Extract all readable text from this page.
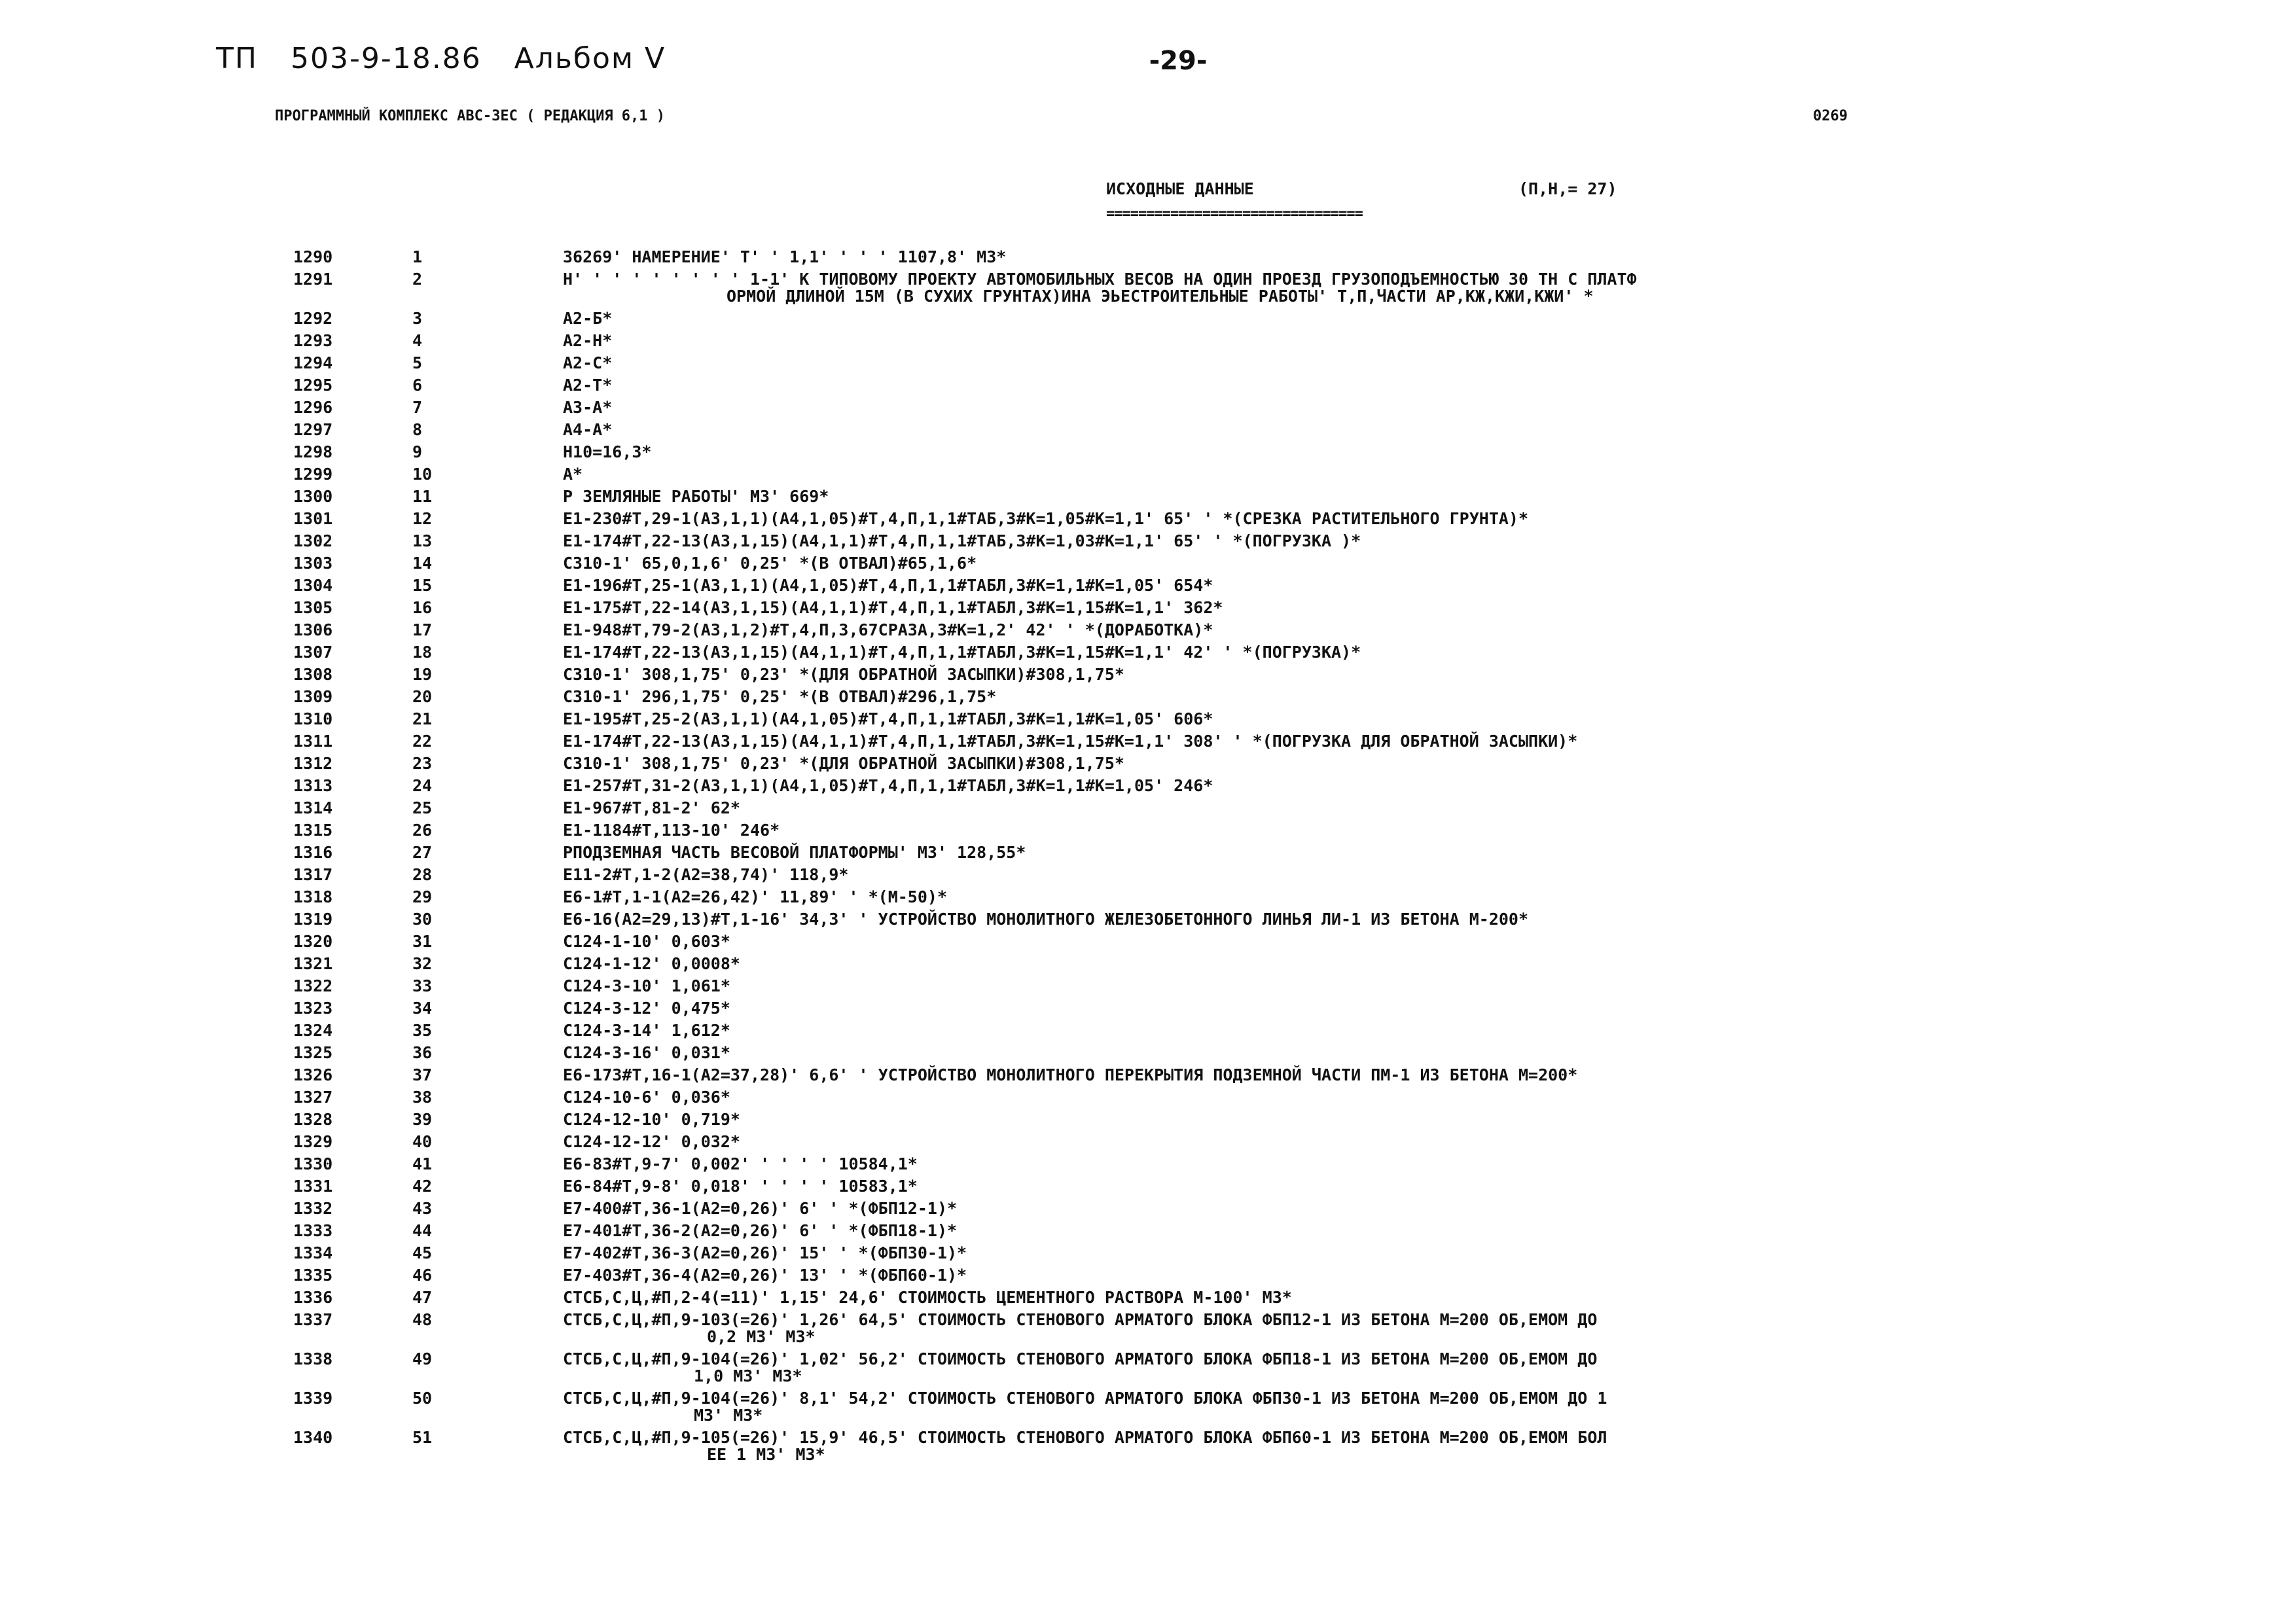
ТП 503-9-18.86 Альбом V	-29-
ПРОГРАММНЫЙ КОМПЛЕКС АВС-ЗЕС ( РЕДАКЦИЯ 6,1 )	0269
ИСХОДНЫЕ ДАННЫЕ
================================
(П,Н,= 27)
1290	1	36269' НАМЕРЕНИЕ' Т' ' 1,1' ' ' ' 1107,8' МЗ*
1291	2	Н' ' ' ' ' ' ' ' ' 1-1' К ТИПОВОМУ ПРОЕКТУ АВТОМОБИЛЬНЫХ ВЕСОВ НА ОДИН ПРОЕЗД ГРУЗОПОДЪЕМНОСТЬЮ 30 ТН С ПЛАТФ
ОРМОЙ ДЛИНОЙ 15М (В СУХИХ ГРУНТАХ)ИНА ЭЬЕСТРОИТЕЛЬНЫЕ РАБОТЫ' Т,П,ЧАСТИ АР,КЖ,КЖИ,КЖИ' *
1292	3	А2-Б*
1293	4	А2-Н*
1294	5	А2-С*
1295	6	А2-Т*
1296	7	А3-А*
1297	8	А4-А*
1298	9	Н10=16,3*
1299	10	А*
1300	11	Р ЗЕМЛЯНЫЕ РАБОТЫ' МЗ' 669*
1301	12	Е1-230#Т,29-1(А3,1,1)(А4,1,05)#Т,4,П,1,1#ТАБ,3#К=1,05#К=1,1' 65' ' *(СРЕЗКА РАСТИТЕЛЬНОГО ГРУНТА)*
1302	13	Е1-174#Т,22-13(А3,1,15)(А4,1,1)#Т,4,П,1,1#ТАБ,3#К=1,03#К=1,1' 65' ' *(ПОГРУЗКА )*
1303	14	С310-1' 65,0,1,6' 0,25' *(В ОТВАЛ)#65,1,6*
1304	15	Е1-196#Т,25-1(А3,1,1)(А4,1,05)#Т,4,П,1,1#ТАБЛ,3#К=1,1#К=1,05' 654*
1305	16	Е1-175#Т,22-14(А3,1,15)(А4,1,1)#Т,4,П,1,1#ТАБЛ,3#К=1,15#К=1,1' 362*
1306	17	Е1-948#Т,79-2(А3,1,2)#Т,4,П,3,67СРАЗА,3#К=1,2' 42' ' *(ДОРАБОТКА)*
1307	18	Е1-174#Т,22-13(А3,1,15)(А4,1,1)#Т,4,П,1,1#ТАБЛ,3#К=1,15#К=1,1' 42' ' *(ПОГРУЗКА)*
1308	19	С310-1' 308,1,75' 0,23' *(ДЛЯ ОБРАТНОЙ ЗАСЫПКИ)#308,1,75*
1309	20	С310-1' 296,1,75' 0,25' *(В ОТВАЛ)#296,1,75*
1310	21	Е1-195#Т,25-2(А3,1,1)(А4,1,05)#Т,4,П,1,1#ТАБЛ,3#К=1,1#К=1,05' 606*
1311	22	Е1-174#Т,22-13(А3,1,15)(А4,1,1)#Т,4,П,1,1#ТАБЛ,3#К=1,15#К=1,1' 308' ' *(ПОГРУЗКА ДЛЯ ОБРАТНОЙ ЗАСЫПКИ)*
1312	23	С310-1' 308,1,75' 0,23' *(ДЛЯ ОБРАТНОЙ ЗАСЫПКИ)#308,1,75*
1313	24	Е1-257#Т,31-2(А3,1,1)(А4,1,05)#Т,4,П,1,1#ТАБЛ,3#К=1,1#К=1,05' 246*
1314	25	Е1-967#Т,81-2' 62*
1315	26	Е1-1184#Т,113-10' 246*
1316	27	РПОДЗЕМНАЯ ЧАСТЬ ВЕСОВОЙ ПЛАТФОРМЫ' МЗ' 128,55*
1317	28	Е11-2#Т,1-2(А2=38,74)' 118,9*
1318	29	Е6-1#Т,1-1(А2=26,42)' 11,89' ' *(М-50)*
1319	30	Е6-16(А2=29,13)#Т,1-16' 34,3' ' УСТРОЙСТВО МОНОЛИТНОГО ЖЕЛЕЗОБЕТОННОГО ЛИНЬЯ ЛИ-1 ИЗ БЕТОНА М-200*
1320	31	С124-1-10' 0,603*
1321	32	С124-1-12' 0,0008*
1322	33	С124-3-10' 1,061*
1323	34	С124-3-12' 0,475*
1324	35	С124-3-14' 1,612*
1325	36	С124-3-16' 0,031*
1326	37	Е6-173#Т,16-1(А2=37,28)' 6,6' ' УСТРОЙСТВО МОНОЛИТНОГО ПЕРЕКРЫТИЯ ПОДЗЕМНОЙ ЧАСТИ ПМ-1 ИЗ БЕТОНА М=200*
1327	38	С124-10-6' 0,036*
1328	39	С124-12-10' 0,719*
1329	40	С124-12-12' 0,032*
1330	41	Е6-83#Т,9-7' 0,002' ' ' ' ' 10584,1*
1331	42	Е6-84#Т,9-8' 0,018' ' ' ' ' 10583,1*
1332	43	Е7-400#Т,36-1(А2=0,26)' 6' ' *(ФБП12-1)*
1333	44	Е7-401#Т,36-2(А2=0,26)' 6' ' *(ФБП18-1)*
1334	45	Е7-402#Т,36-3(А2=0,26)' 15' ' *(ФБП30-1)*
1335	46	Е7-403#Т,36-4(А2=0,26)' 13' ' *(ФБП60-1)*
1336	47	СТСБ,С,Ц,#П,2-4(=11)' 1,15' 24,6' СТОИМОСТЬ ЦЕМЕНТНОГО РАСТВОРА М-100' МЗ*
1337	48	СТСБ,С,Ц,#П,9-103(=26)' 1,26' 64,5' СТОИМОСТЬ СТЕНОВОГО АРМАТОГО БЛОКА ФБП12-1 ИЗ БЕТОНА М=200 ОБ,ЕМОМ ДО
0,2 МЗ' МЗ*
1338	49	СТСБ,С,Ц,#П,9-104(=26)' 1,02' 56,2' СТОИМОСТЬ СТЕНОВОГО АРМАТОГО БЛОКА ФБП18-1 ИЗ БЕТОНА М=200 ОБ,ЕМОМ ДО
1,0 МЗ' МЗ*
1339	50	СТСБ,С,Ц,#П,9-104(=26)' 8,1' 54,2' СТОИМОСТЬ СТЕНОВОГО АРМАТОГО БЛОКА ФБП30-1 ИЗ БЕТОНА М=200 ОБ,ЕМОМ ДО 1
МЗ' МЗ*
1340	51	СТСБ,С,Ц,#П,9-105(=26)' 15,9' 46,5' СТОИМОСТЬ СТЕНОВОГО АРМАТОГО БЛОКА ФБП60-1 ИЗ БЕТОНА М=200 ОБ,ЕМОМ БОЛ
ЕЕ 1 МЗ' МЗ*
